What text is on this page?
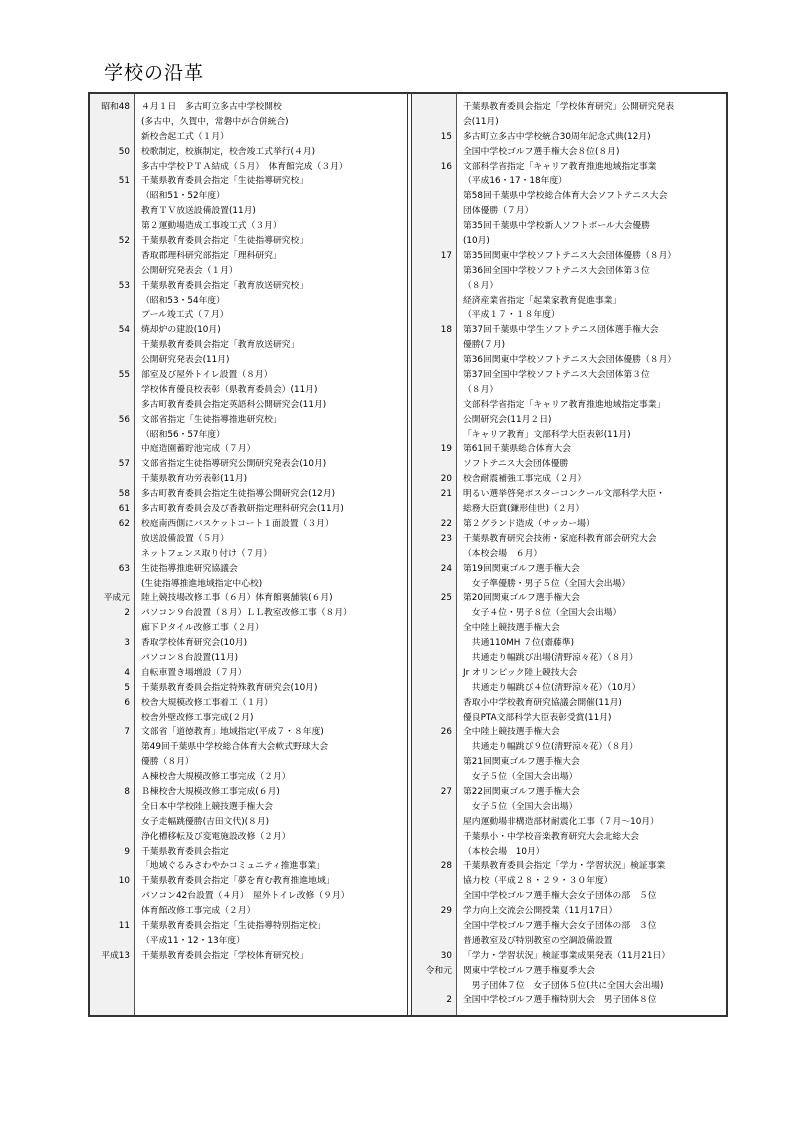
学校の沿革
昭和48	４月１日　多古町立多古中学校開校
(多古中，久賀中，常磐中が合併統合)
新校舎起工式（１月）
50	校歌制定，校旗制定，校舎竣工式挙行(４月)
多古中学校ＰＴＡ結成（５月）　体育館完成（３月）
51	千葉県教育委員会指定「生徒指導研究校」
（昭和51・52年度）
教育ＴＶ放送設備設置(11月)
第２運動場造成工事竣工式（３月）
52	千葉県教育委員会指定「生徒指導研究校」
香取郡理科研究部指定「理科研究」
公開研究発表会（１月）
53	千葉県教育委員会指定「教育放送研究校」
（昭和53・54年度）
プール竣工式（７月）
54	焼却炉の建設(10月)
千葉県教育委員会指定「教育放送研究」
公開研究発表会(11月)
55	部室及び屋外トイレ設置（８月）
学校体育優良校表彰（県教育委員会）(11月)
多古町教育委員会指定英語科公開研究会(11月)
56	文部省指定「生徒指導推進研究校」
（昭和56・57年度）
中庭造園蓄貯池完成（７月）
57	文部省指定生徒指導研究公開研究発表会(10月)
千葉県教育功労表彰(11月)
58	多古町教育委員会指定生徒指導公開研究会(12月)
61	多古町教育委員会及び香教研指定理科研究会(11月)
62	校庭南西側にバスケットコート１面設置（３月）
放送設備設置（５月）
ネットフェンス取り付け（７月）
63	生徒指導推進研究協議会
(生徒指導推進地域指定中心校)
平成元	陸上競技場改修工事（６月）体育館裏舗装(６月)
2	パソコン９台設置（８月）ＬＬ教室改修工事（８月）
廊下Ｐタイル改修工事（２月）
3	香取学校体育研究会(10月)
パソコン８台設置(11月)
4	自転車置き場増設（７月）
5	千葉県教育委員会指定特殊教育研究会(10月)
6	校舎大規模改修工事着工（１月）
校舎外壁改修工事完成(２月)
7	文部省「道徳教育」地域指定(平成７・８年度)
第49回千葉県中学校総合体育大会軟式野球大会
優勝（８月）
Ａ棟校舎大規模改修工事完成（２月）
8	Ｂ棟校舎大規模改修工事完成(６月)
全日本中学校陸上競技選手権大会
女子走幅跳優勝(吉田文代)(８月)
浄化槽移転及び変電施設改修（２月）
9	千葉県教育委員会指定
「地域ぐるみさわやかコミュニティ推進事業」
10	千葉県教育委員会指定「夢を育む教育推進地域」
パソコン42台設置（４月）　屋外トイレ改修（９月）
体育館改修工事完成（２月）
11	千葉県教育委員会指定「生徒指導特別指定校」
（平成11・12・13年度）
平成13	千葉県教育委員会指定「学校体育研究校」
千葉県教育委員会指定「学校体育研究」公開研究発表
会(11月)
15	多古町立多古中学校統合30周年記念式典(12月)
全国中学校ゴルフ選手権大会８位(８月)
16	文部科学省指定「キャリア教育推進地域指定事業
（平成16・17・18年度）
第58回千葉県中学校総合体育大会ソフトテニス大会
団体優勝（７月）
第35回千葉県中学校新人ソフトボール大会優勝
(10月)
17	第35回関東中学校ソフトテニス大会団体優勝（８月）
第36回全国中学校ソフトテニス大会団体第３位
（８月）
経済産業省指定「起業家教育促進事業」
（平成１７・１８年度）
18	第37回千葉県中学生ソフトテニス団体選手権大会
優勝(７月)
第36回関東中学校ソフトテニス大会団体優勝（８月）
第37回全国中学校ソフトテニス大会団体第３位
（８月）
文部科学省指定「キャリア教育推進地域指定事業」
公開研究会(11月２日)
「キャリア教育」文部科学大臣表彰(11月)
19	第61回千葉県総合体育大会
ソフトテニス大会団体優勝
20	校舎耐震補強工事完成（２月）
21	明るい選挙啓発ポスターコンクール文部科学大臣・
総務大臣賞(鎌形佳世)（２月）
22	第２グランド造成（サッカー場）
23	千葉県教育研究会技術・家庭科教育部会研究大会
（本校会場　６月）
24	第19回関東ゴルフ選手権大会
　女子準優勝・男子５位（全国大会出場）
25	第20回関東ゴルフ選手権大会
　女子４位・男子８位（全国大会出場）
全中陸上競技選手権大会
　共通110MH ７位(齋藤準)
　共通走り幅跳び出場(清野涼々花）（８月）
Jr オリンピック陸上競技大会
　共通走り幅跳び４位(清野涼々花）（10月）
香取小中学校教育研究協議会開催(11月)
優良PTA文部科学大臣表彰受賞(11月)
26	全中陸上競技選手権大会
　共通走り幅跳び９位(清野涼々花）（８月）
第21回関東ゴルフ選手権大会
　女子５位（全国大会出場）
27	第22回関東ゴルフ選手権大会
　女子５位（全国大会出場）
屋内運動場非構造部材耐震化工事（７月～10月）
千葉県小・中学校音楽教育研究大会北総大会
（本校会場　10月）
28	千葉県教育委員会指定「学力・学習状況」検証事業
協力校（平成２８・２９・３０年度）
全国中学校ゴルフ選手権大会女子団体の部　５位
29	学力向上交流会公開授業（11月17日）
全国中学校ゴルフ選手権大会女子団体の部　３位
普通教室及び特別教室の空調設備設置
30	「学力・学習状況」検証事業成果発表（11月21日）
令和元	関東中学校ゴルフ選手権夏季大会
　男子団体７位　女子団体５位(共に全国大会出場)
2	全国中学校ゴルフ選手権特別大会　男子団体８位
